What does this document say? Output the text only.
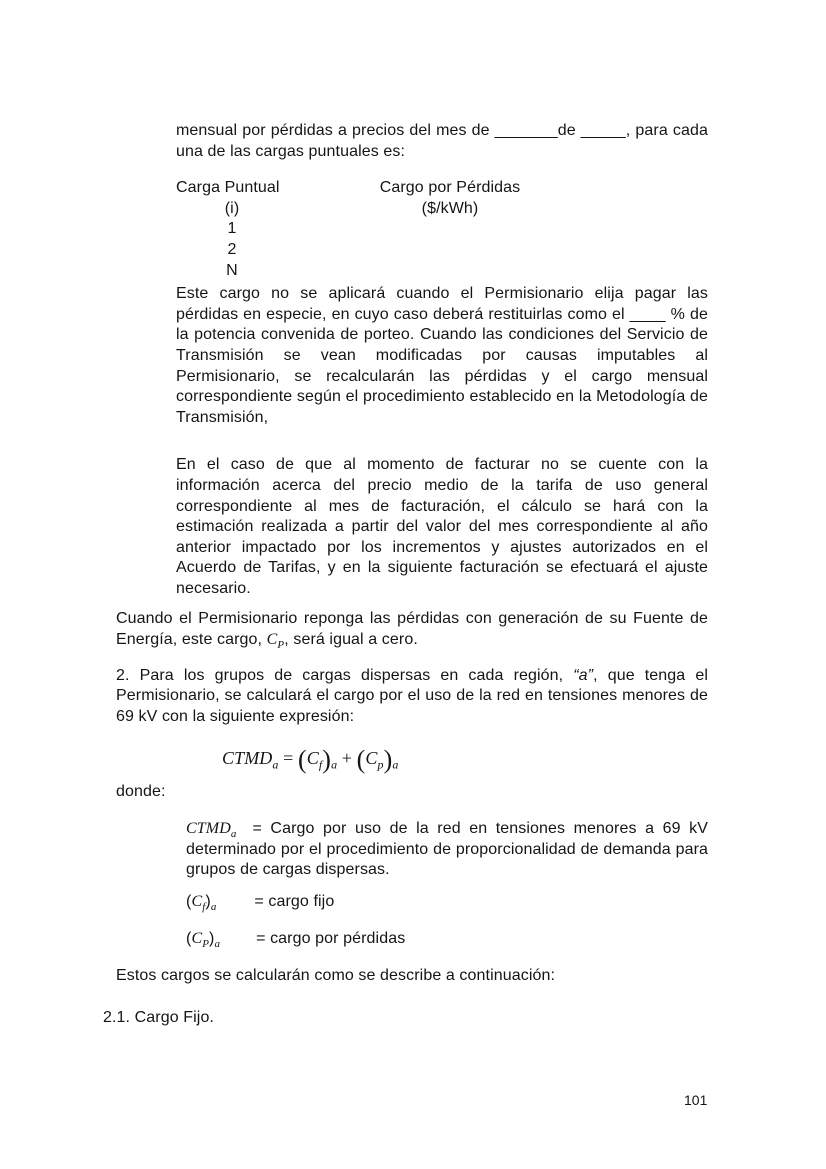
mensual por pérdidas a precios del mes de _______de _____, para cada una de las cargas puntuales es:

Carga Puntual
(i)
1
2
N
Cargo por Pérdidas
($/kWh)

Este cargo no se aplicará cuando el Permisionario elija pagar las pérdidas en especie, en cuyo caso deberá restituirlas como el ____ % de la potencia convenida de porteo. Cuando las condiciones del Servicio de Transmisión se vean modificadas por causas imputables al Permisionario, se recalcularán las pérdidas y el cargo mensual correspondiente según el procedimiento establecido en la Metodología de Transmisión,

En el caso de que al momento de facturar no se cuente con la información acerca del precio medio de la tarifa de uso general correspondiente al mes de facturación, el cálculo se hará con la estimación realizada a partir del valor del mes correspondiente al año anterior impactado por los incrementos y ajustes autorizados en el Acuerdo de Tarifas, y en la siguiente facturación se efectuará el ajuste necesario.

Cuando el Permisionario reponga las pérdidas con generación de su Fuente de Energía, este cargo, $C_P$, será igual a cero.

2. Para los grupos de cargas dispersas en cada región, “a”, que tenga el Permisionario, se calculará el cargo por el uso de la red en tensiones menores de 69 kV con la siguiente expresión:

$CTMD_a = (C_f)_a + (C_p)_a$

donde:

$CTMD_a$ = Cargo por uso de la red en tensiones menores a 69 kV determinado por el procedimiento de proporcionalidad de demanda para grupos de cargas dispersas.
$(C_f)_a$ = cargo fijo
$(C_P)_a$ = cargo por pérdidas

Estos cargos se calcularán como se describe a continuación:

2.1. Cargo Fijo.

101
